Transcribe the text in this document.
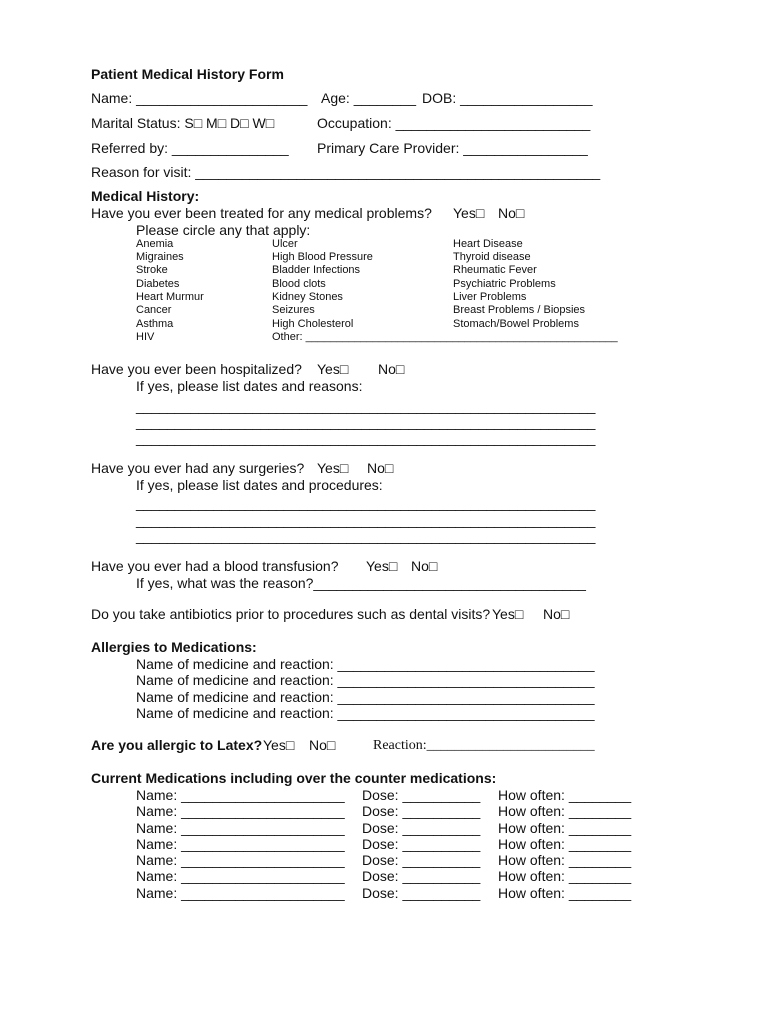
Patient Medical History Form
Name: ______________________ Age: ________ DOB: _________________
Marital Status: S□ M□ D□ W□	Occupation: _________________________
Referred by: _______________ Primary Care Provider: ________________
Reason for visit: ____________________________________________________
Medical History:
Have you ever been treated for any medical problems? Yes□ No□
Please circle any that apply:
Anemia
Migraines
Stroke
Diabetes
Heart Murmur
Cancer
Asthma
HIV
Ulcer
High Blood Pressure
Bladder Infections
Blood clots
Kidney Stones
Seizures
High Cholesterol
Other: ___________________________________________________
Heart Disease
Thyroid disease
Rheumatic Fever
Psychiatric Problems
Liver Problems
Breast Problems / Biopsies
Stomach/Bowel Problems
Have you ever been hospitalized? Yes□ No□
If yes, please list dates and reasons:
___________________________________________________________
___________________________________________________________
___________________________________________________________
Have you ever had any surgeries? Yes□ No□
If yes, please list dates and procedures:
___________________________________________________________
___________________________________________________________
___________________________________________________________
Have you ever had a blood transfusion? Yes□ No□
If yes, what was the reason?___________________________________
Do you take antibiotics prior to procedures such as dental visits? Yes□ No□
Allergies to Medications:
Name of medicine and reaction: _________________________________
Name of medicine and reaction: _________________________________
Name of medicine and reaction: _________________________________
Name of medicine and reaction: _________________________________
Are you allergic to Latex? Yes□ No□	Reaction:________________________
Current Medications including over the counter medications:
Name: _____________________ Dose: __________ How often: ________
Name: _____________________ Dose: __________ How often: ________
Name: _____________________ Dose: __________ How often: ________
Name: _____________________ Dose: __________ How often: ________
Name: _____________________ Dose: __________ How often: ________
Name: _____________________ Dose: __________ How often: ________
Name: _____________________ Dose: __________ How often: ________
